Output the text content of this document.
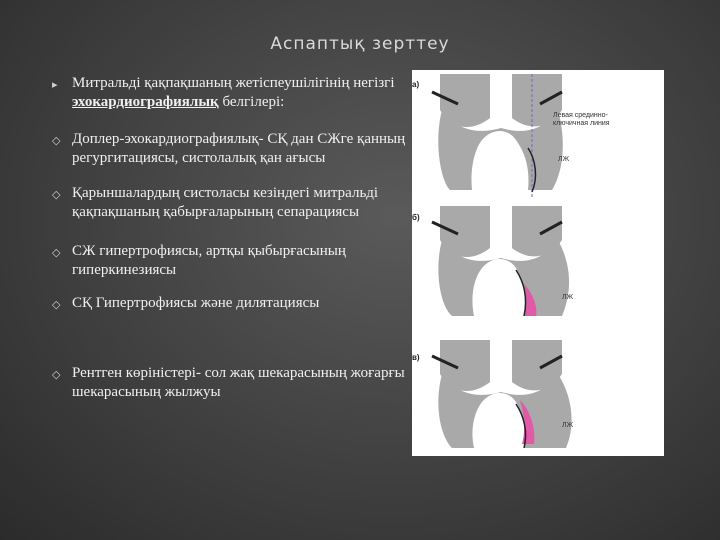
Аспаптық зерттеу
▸ Митральді қақпақшаның жетіспеушілігінің негізгі эхокардиографиялық белгілері:
◇ Доплер-эхокардиографиялық- СҚ дан СЖге қанның регургитациясы, систолалық қан ағысы
◇ Қарыншалардың систоласы кезіндегі митральді қақпақшаның қабырғаларының сепарациясы
◇ СЖ гипертрофиясы, артқы қыбырғасының гиперкинезиясы
◇ СҚ Гипертрофиясы және дилятациясы
◇ Рентген көріністері- сол жақ шекарасының жоғарғы шекарасының жылжуы
а)
Левая срединно-
ключичная линия
ЛЖ
б)
ЛЖ
в)
ЛЖ
